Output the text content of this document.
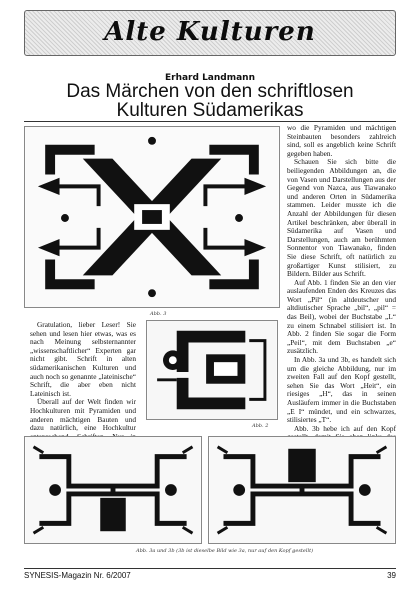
Alte Kulturen
Erhard Landmann
Das Märchen von den schriftlosen
Kulturen Südamerikas
Abb. 3

wo die Pyramiden und mächtigen Steinbauten besonders zahlreich sind, soll es angeblich keine Schrift gegeben haben.

Schauen Sie sich bitte die beiliegenden Abbildungen an, die von Vasen und Darstellungen aus der Gegend von Nazca, aus Tiawanako und anderen Orten in Südamerika stammen. Leider musste ich die Anzahl der Abbildungen für diesen Artikel beschränken, aber überall in Südamerika auf Vasen und Darstellungen, auch am berühmten Sonnentor von Tiawanako, finden Sie diese Schrift, oft natürlich zu großartiger Kunst stilisiert, zu Bildern. Bilder aus Schrift.

Auf Abb. 1 finden Sie an den vier auslaufenden Enden des Kreuzes das Wort „Pil“ (in altdeutscher und altdiutischer Sprache „bil“, „pil“ = das Beil), wobei der Buchstabe „L“ zu einem Schnabel stilisiert ist. In Abb. 2 finden Sie sogar die Form „Peil“, mit dem Buchstaben „e“ zusätzlich.

In Abb. 3a und 3b, es handelt sich um die gleiche Abbildung, nur im zweiten Fall auf den Kopf gestellt, sehen Sie das Wort „Heit“, ein riesiges „H“, das in seinen Ausläufern immer in die Buchstaben „E I“ mündet, und ein schwarzes, stilisiertes „T“.

Abb. 3b hebe ich auf den Kopf

Gratulation, lieber Leser! Sie sehen und lesen hier etwas, was es nach Meinung selbsternannter „wissenschaftlicher“ Experten gar nicht gibt. Schrift in alten südamerikanischen Kulturen und auch noch so genannte „lateinische“ Schrift, die aber eben nicht Lateinisch ist.

Überall auf der Welt finden wir Hochkulturen mit Pyramiden und anderen mächtigen Bauten und dazu natürlich, eine Hochkultur	Abb. 2
Abb. 3a und 3b (3b ist dieselbe Bild wie 3a, nur auf den Kopf gestellt)
SYNESIS-Magazin Nr. 6/2007	39
